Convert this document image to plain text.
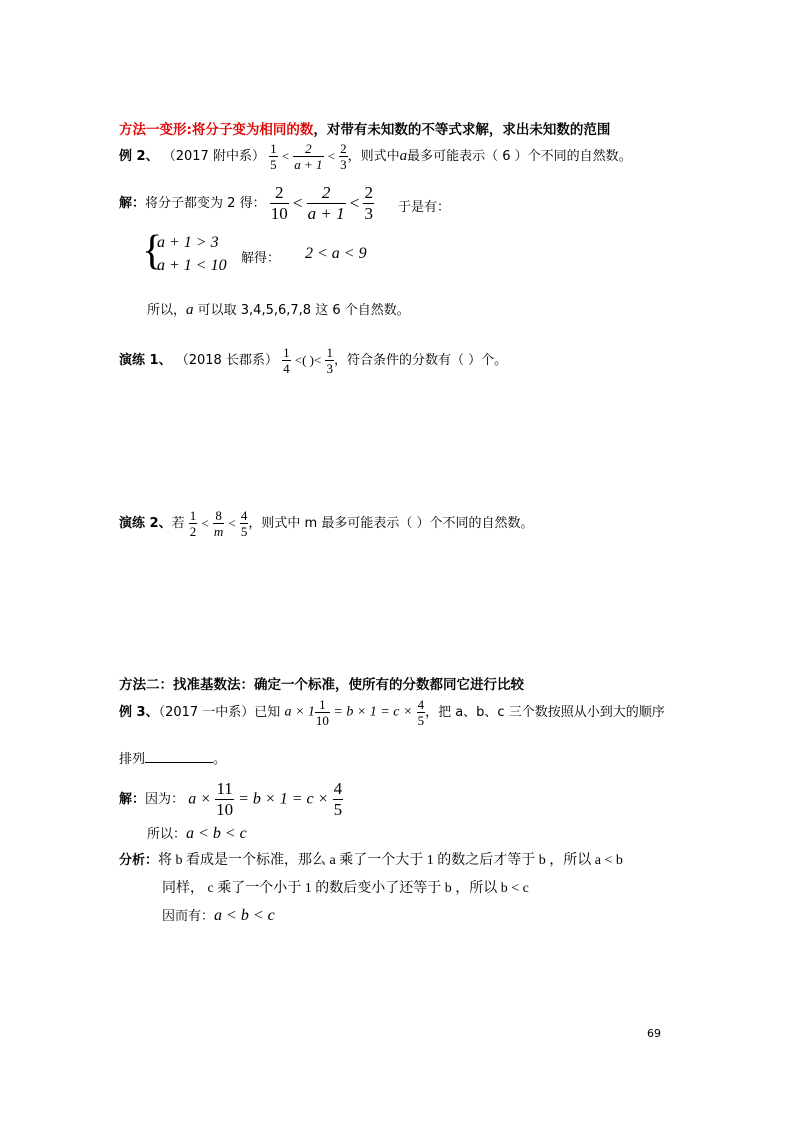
方法一变形:将分子变为相同的数，对带有未知数的不等式求解，求出未知数的范围
例 2、 （2017 附中系） $\frac{1}{5} < \frac{2}{a + 1} < \frac{2}{3}$ ，则式中a最多可能表示（ 6 ）个不同的自然数。
解：将分子都变为 2 得： $\frac{2}{10} < \frac{2}{a + 1} < \frac{2}{3}$ 于是有：
{
a + 1 > 3
a + 1 < 10 解得： 2 < a < 9
所以，a 可以取 3,4,5,6,7,8 这 6 个自然数。
演练 1、 （2018 长郡系） $\frac{1}{4}$ <( )< $\frac{1}{3}$ ，符合条件的分数有（ ）个。
演练 2、若 $\frac{1}{2} < \frac{8}{m} < \frac{4}{5}$ ，则式中 m 最多可能表示（ ）个不同的自然数。
方法二：找准基数法：确定一个标准，使所有的分数都同它进行比较
例 3、（2017 一中系）已知 $a \times 1 \frac{1}{10} = b \times 1 = c \times \frac{4}{5}$ ，把 a、b、c 三个数按照从小到大的顺序
排列	。
解：因为： $a \times \frac{11}{10} = b \times 1 = c \times \frac{4}{5}$
所以：a < b < c
分析：将 b 看成是一个标准，那么 a 乘了一个大于 1 的数之后才等于 b ，所以 a < b
同样， c 乘了一个小于 1 的数后变小了还等于 b ，所以 b < c
因而有：a < b < c
69
